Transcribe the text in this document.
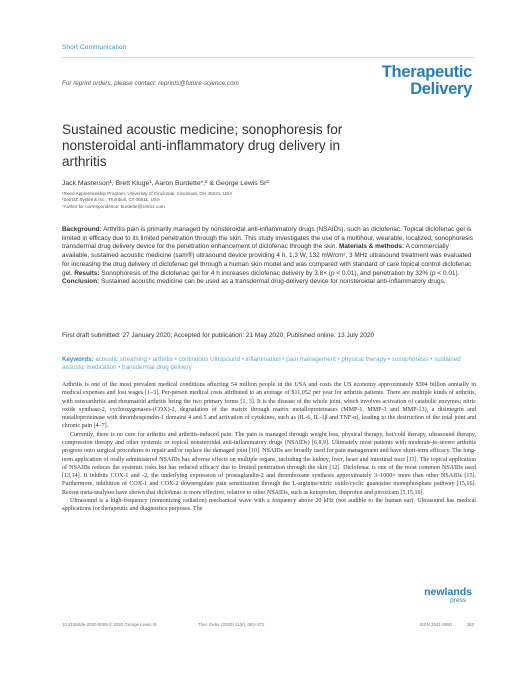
Short Communication
For reprint orders, please contact: reprints@future-science.com
Therapeutic
Delivery
Sustained acoustic medicine; sonophoresis for nonsteroidal anti-inflammatory drug delivery in arthritis
Jack Masterson¹, Brett Kluge¹, Aaron Burdette*,² & George Lewis Sr²
¹Reed Apprenticeship Program, University of Cincinnati, Cincinnati, OH 45221, USA
²ZetrOZ Systems Inc., Trumbull, CT 06611, USA
*Author for correspondence: burdette@zetroz.com
Background: Arthritis pain is primarily managed by nonsteroidal anti-inflammatory drugs (NSAIDs), such as diclofenac. Topical diclofenac gel is limited in efficacy due to its limited penetration through the skin. This study investigates the use of a multihour, wearable, localized, sonophoresis transdermal drug delivery device for the penetration enhancement of diclofenac through the skin. Materials & methods: A commercially available, sustained acoustic medicine (sam®) ultrasound device providing 4 h, 1.3 W, 132 mW/cm², 3 MHz ultrasound treatment was evaluated for increasing the drug delivery of diclofenac gel through a human skin model and was compared with standard of care topical control diclofenac gel. Results: Sonophoresis of the diclofenac gel for 4 h increases diclofenac delivery by 3.8× (p < 0.01), and penetration by 32% (p < 0.01). Conclusion: Sustained acoustic medicine can be used as a transdermal drug-delivery device for nonsteroidal anti-inflammatory drugs.
First draft submitted: 27 January 2020; Accepted for publication: 21 May 2020; Published online: 13 July 2020
Keywords: acoustic streaming • arthritis • continuous Ultrasound • inflammation • pain management • physical therapy • sonophoresis • sustained acoustic medication • transdermal drug delivery

Arthritis is one of the most prevalent medical conditions affecting 54 million people in the USA and costs the US economy approximately $304 billion annually in medical expenses and lost wages [1–3]. Per-person medical costs attributed to an average of $11,052 per year for arthritis patients. There are multiple kinds of arthritis, with osteoarthritis and rheumatoid arthritis being the two primary forms [1, 3]. It is the disease of the whole joint, which involves activation of catabolic enzymes; nitric oxide synthase-2, cyclooxygenases-(COX)-2, degradation of the matrix through matrix metalloproteinases (MMP-1, MMP-3 and MMP-13), a disintegrin and metalloproteinase with thrombospondin-1 domains 4 and 5 and activation of cytokines, such as (IL-6, IL-1β and TNF-α), leading to the destruction of the total joint and chronic pain [4–7].

Currently, there is no cure for arthritis and arthritis-induced pain. The pain is managed through weight loss, physical therapy, hot/cold therapy, ultrasound therapy, compression therapy and other systemic or topical nonsteroidal anti-inflammatory drugs (NSAIDs) [6,8,9]. Ultimately most patients with moderate-to-severe arthritis progress onto surgical procedures to repair and/or replace the damaged joint [10]. NSAIDs are broadly used for pain management and have short-term efficacy. The long-term application of orally administered NSAIDs has adverse effects on multiple organs, including the kidney, liver, heart and intestinal tract [11]. The topical application of NSAIDs reduces the systemic risks but has reduced efficacy due to limited penetration through the skin [12]. Diclofenac is one of the most common NSAIDs used [13,14]. It inhibits COX-1 and -2, the underlying expression of prostaglandin-2 and thromboxane synthesis approximately 3–1000× more than other NSAIDs [15]. Furthermore, inhibition of COX-1 and COX-2 downregulate pain sensitization through the L-arginine/nitric oxide/cyclic guanosine monophosphate pathway [15,16]. Recent meta-analyses have shown that diclofenac is more effective, relative to other NSAIDs, such as ketoprofen, ibuprofen and piroxicam [5,15,16].

Ultrasound is a high-frequency (nonionizing radiation) mechanical wave with a frequency above 20 kHz (not audible to the human ear). Ultrasound has medical applications for therapeutic and diagnostics purposes. The

newlands
press
10.4155/tde-2020-0009 © 2020 George Lewis Sr	Ther. Deliv. (2020) 11(6), 363–372	ISSN 2041-5990	363
